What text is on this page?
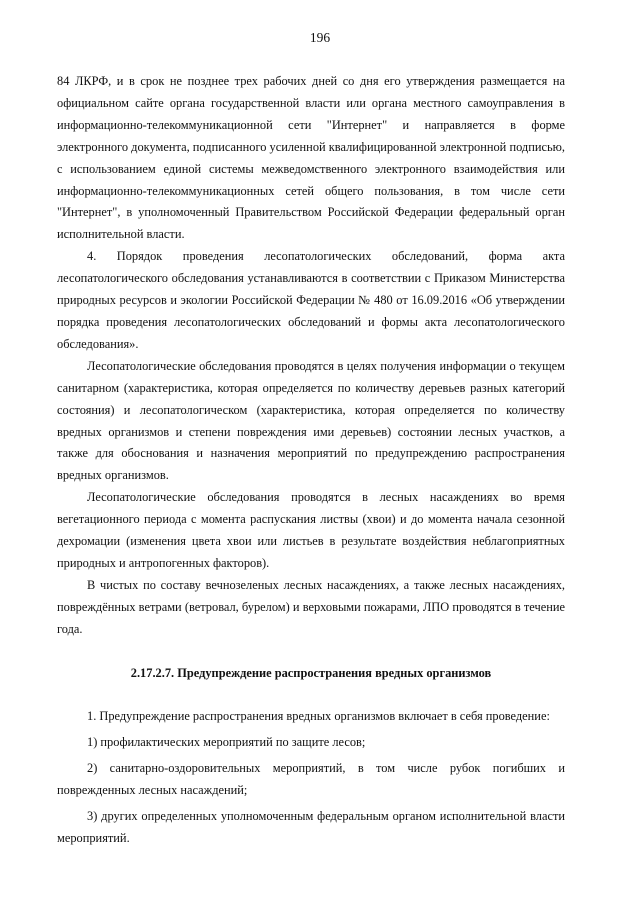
196

84 ЛКРФ, и в срок не позднее трех рабочих дней со дня его утверждения размещается на официальном сайте органа государственной власти или органа местного самоуправления в информационно-телекоммуникационной сети "Интернет" и направляется в форме электронного документа, подписанного усиленной квалифицированной электронной подписью, с использованием единой системы межведомственного электронного взаимодействия или информационно-телекоммуникационных сетей общего пользования, в том числе сети "Интернет", в уполномоченный Правительством Российской Федерации федеральный орган исполнительной власти.

4. Порядок проведения лесопатологических обследований, форма акта лесопатологического обследования устанавливаются в соответствии с Приказом Министерства природных ресурсов и экологии Российской Федерации № 480 от 16.09.2016 «Об утверждении порядка проведения лесопатологических обследований и формы акта лесопатологического обследования».

Лесопатологические обследования проводятся в целях получения информации о текущем санитарном (характеристика, которая определяется по количеству деревьев разных категорий состояния) и лесопатологическом (характеристика, которая определяется по количеству вредных организмов и степени повреждения ими деревьев) состоянии лесных участков, а также для обоснования и назначения мероприятий по предупреждению распространения вредных организмов.

Лесопатологические обследования проводятся в лесных насаждениях во время вегетационного периода с момента распускания листвы (хвои) и до момента начала сезонной дехромации (изменения цвета хвои или листьев в результате воздействия неблагоприятных природных и антропогенных факторов).

В чистых по составу вечнозеленых лесных насаждениях, а также лесных насаждениях, повреждённых ветрами (ветровал, бурелом) и верховыми пожарами, ЛПО проводятся в течение года.

2.17.2.7. Предупреждение распространения вредных организмов

1. Предупреждение распространения вредных организмов включает в себя проведение:

1) профилактических мероприятий по защите лесов;

2) санитарно-оздоровительных мероприятий, в том числе рубок погибших и поврежденных лесных насаждений;

3) других определенных уполномоченным федеральным органом исполнительной власти мероприятий.
